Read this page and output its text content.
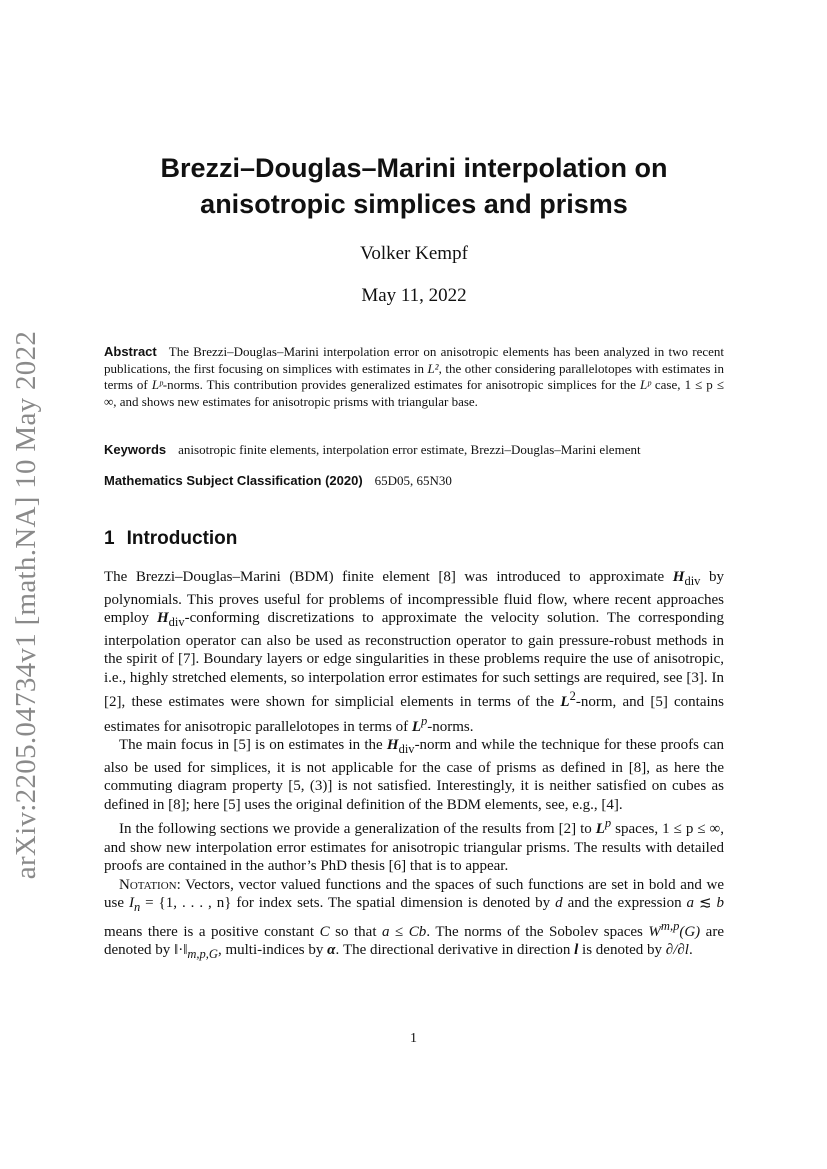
arXiv:2205.04734v1 [math.NA] 10 May 2022
Brezzi–Douglas–Marini interpolation on
anisotropic simplices and prisms
Volker Kempf
May 11, 2022
Abstract The Brezzi–Douglas–Marini interpolation error on anisotropic elements has been analyzed in two recent publications, the first focusing on simplices with estimates in L², the other considering parallelotopes with estimates in terms of Lᵖ-norms. This contribution provides generalized estimates for anisotropic simplices for the Lᵖ case, 1 ≤ p ≤ ∞, and shows new estimates for anisotropic prisms with triangular base.
Keywords anisotropic finite elements, interpolation error estimate, Brezzi–Douglas–Marini element
Mathematics Subject Classification (2020) 65D05, 65N30
1 Introduction

The Brezzi–Douglas–Marini (BDM) finite element [8] was introduced to approximate $H_{div}$ by polynomials. This proves useful for problems of incompressible fluid flow, where recent approaches employ $H_{div}$-conforming discretizations to approximate the velocity solution. The corresponding interpolation operator can also be used as reconstruction operator to gain pressure-robust methods in the spirit of [7]. Boundary layers or edge singularities in these problems require the use of anisotropic, i.e., highly stretched elements, so interpolation error estimates for such settings are required, see [3]. In [2], these estimates were shown for simplicial elements in terms of the $L^2$-norm, and [5] contains estimates for anisotropic parallelotopes in terms of $L^p$-norms.

The main focus in [5] is on estimates in the $H_{div}$-norm and while the technique for these proofs can also be used for simplices, it is not applicable for the case of prisms as defined in [8], as here the commuting diagram property [5, (3)] is not satisfied. Interestingly, it is neither satisfied on cubes as defined in [8]; here [5] uses the original definition of the BDM elements, see, e.g., [4].

In the following sections we provide a generalization of the results from [2] to $L^p$ spaces, 1 ≤ p ≤ ∞, and show new interpolation error estimates for anisotropic triangular prisms. The results with detailed proofs are contained in the author’s PhD thesis [6] that is to appear.

Notation: Vectors, vector valued functions and the spaces of such functions are set in bold and we use $I_n = \{1$, . . . , n} for index sets. The spatial dimension is denoted by d and the expression a ≲ b means there is a positive constant C so that a ≤ Cb. The norms of the Sobolev spaces W$^{m,p}$(G) are denoted by $‖\cdot‖_{m,p,G}$, multi-indices by α. The directional derivative in direction l is denoted by ∂/∂l.

1
